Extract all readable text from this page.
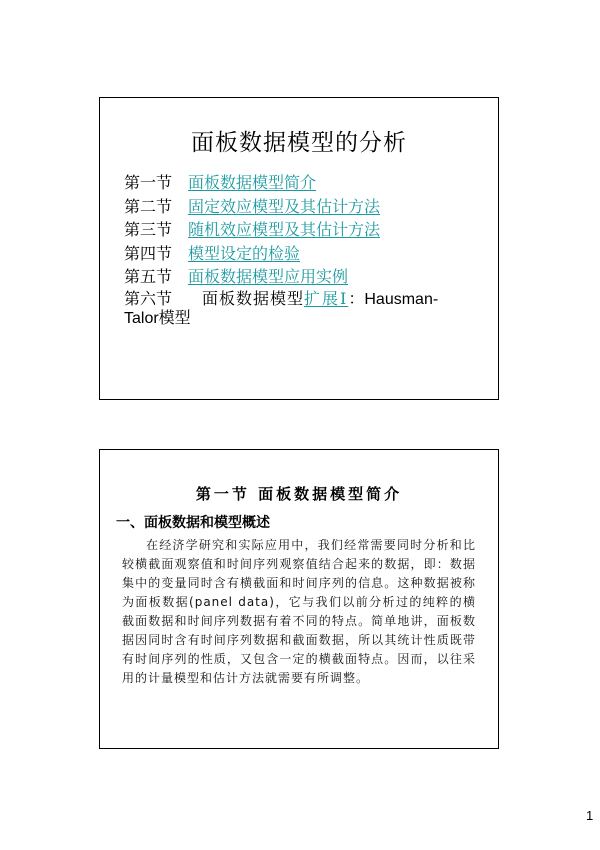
面板数据模型的分析
第一节 面板数据模型简介
第二节 固定效应模型及其估计方法
第三节 随机效应模型及其估计方法
第四节 模型设定的检验
第五节 面板数据模型应用实例
第六节 面板数据模型扩展Ⅰ：Hausman-
Talor模型
第一节 面板数据模型简介
一、面板数据和模型概述
在经济学研究和实际应用中，我们经常需要同时分析和比较横截面观察值和时间序列观察值结合起来的数据，即：数据集中的变量同时含有横截面和时间序列的信息。这种数据被称为面板数据(panel data)，它与我们以前分析过的纯粹的横截面数据和时间序列数据有着不同的特点。简单地讲，面板数据因同时含有时间序列数据和截面数据，所以其统计性质既带有时间序列的性质，又包含一定的横截面特点。因而，以往采用的计量模型和估计方法就需要有所调整。
1
